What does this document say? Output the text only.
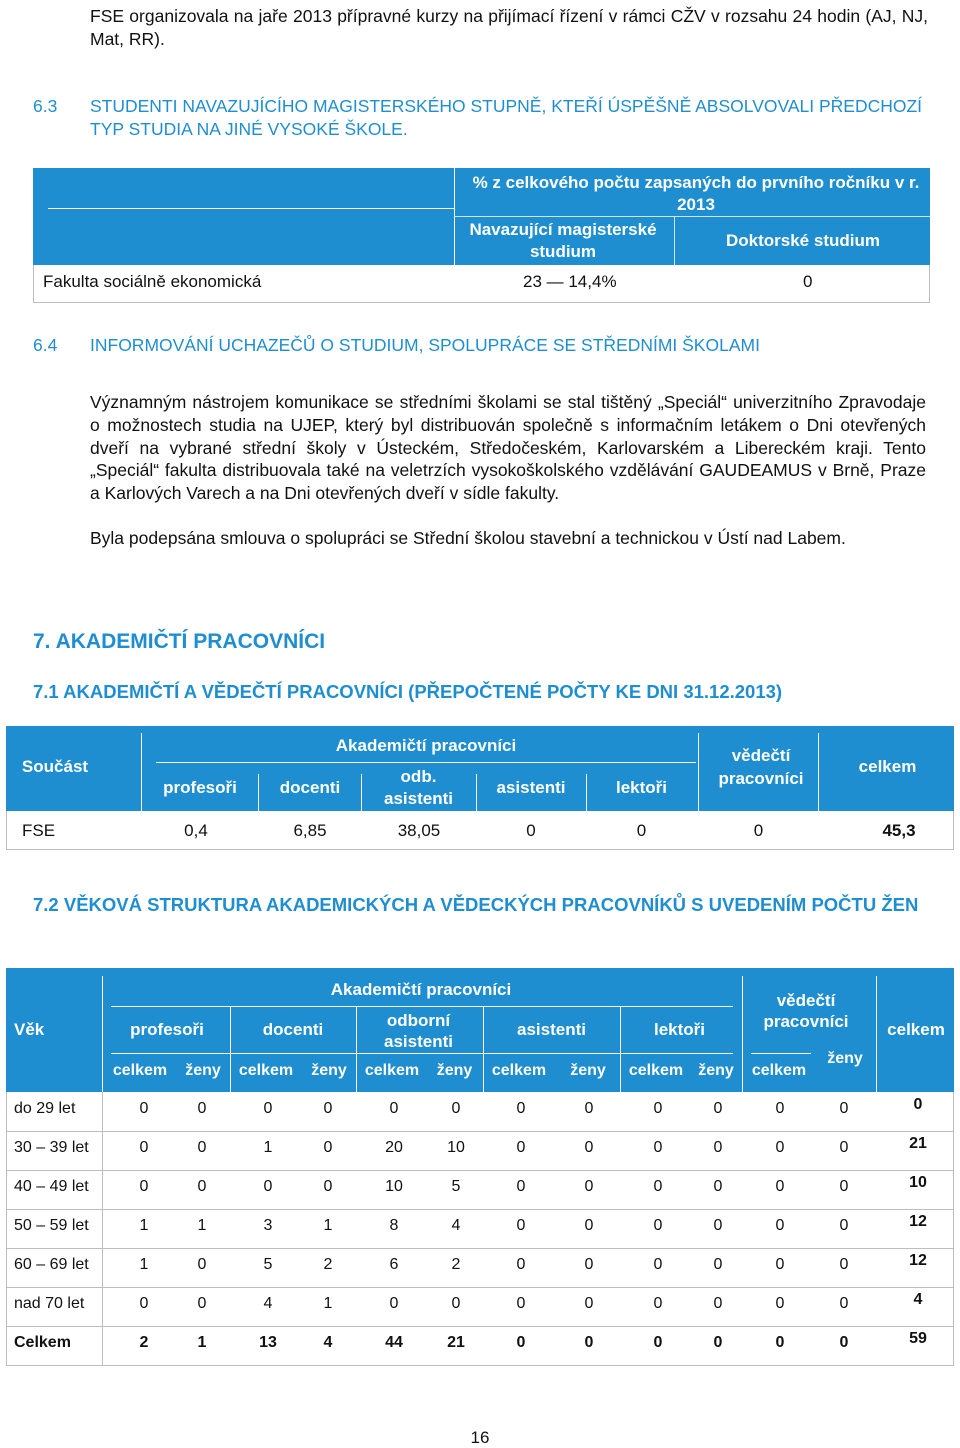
FSE organizovala na jaře 2013 přípravné kurzy na přijímací řízení v rámci CŽV v rozsahu 24 hodin (AJ, NJ, Mat, RR).
6.3 STUDENTI NAVAZUJÍCÍHO MAGISTERSKÉHO STUPNĚ, KTEŘÍ ÚSPĚŠNĚ ABSOLVOVALI PŘEDCHOZÍ TYP STUDIA NA JINÉ VYSOKÉ ŠKOLE.
% z celkového počtu zapsaných do prvního ročníku v r. 2013
Navazující magisterské studium
Doktorské studium
Fakulta sociálně ekonomická	23 — 14,4%	0
6.4 INFORMOVÁNÍ UCHAZEČŮ O STUDIUM, SPOLUPRÁCE SE STŘEDNÍMI ŠKOLAMI
Významným nástrojem komunikace se středními školami se stal tištěný „Speciál“ univerzitního Zpravodaje o možnostech studia na UJEP, který byl distribuován společně s informačním letákem o Dni otevřených dveří na vybrané střední školy v Ústeckém, Středočeském, Karlovarském a Libereckém kraji. Tento „Speciál“ fakulta distribuovala také na veletrzích vysokoškolského vzdělávání GAUDEAMUS v Brně, Praze a Karlových Varech a na Dni otevřených dveří v sídle fakulty.
Byla podepsána smlouva o spolupráci se Střední školou stavební a technickou v Ústí nad Labem.
7. AKADEMIČTÍ PRACOVNÍCI
7.1 AKADEMIČTÍ A VĚDEČTÍ PRACOVNÍCI (PŘEPOČTENÉ POČTY KE DNI 31.12.2013)
Součást
Akademičtí pracovníci
profesoři	docenti
odb. asistenti
asistenti	lektoři
vědečtí pracovníci
celkem
FSE	0,4	6,85	38,05	0	0	0	45,3
7.2 VĚKOVÁ STRUKTURA AKADEMICKÝCH A VĚDECKÝCH PRACOVNÍKŮ S UVEDENÍM POČTU ŽEN
Věk
Akademičtí pracovníci
profesoři	docenti	odborní asistenti
asistenti	lektoři
vědečtí pracovníci	celkem
celkem	ženy	celkem	ženy	celkem	ženy	celkem	ženy	celkem ženy	celkem
ženy
do 29 let	0	0	0	0	0	0	0	0	0	0	0	0	0
30 – 39 let	0	0	1	0	20	10	0	0	0	0	0	0	21
40 – 49 let	0	0	0	0	10	5	0	0	0	0	0	0	10
50 – 59 let	1	1	3	1	8	4	0	0	0	0	0	0	12
60 – 69 let	1	0	5	2	6	2	0	0	0	0	0	0	12
nad 70 let	0	0	4	1	0	0	0	0	0	0	0	0	4
Celkem	2	1	13	4	44	21	0	0	0	0	0	0	59
16
